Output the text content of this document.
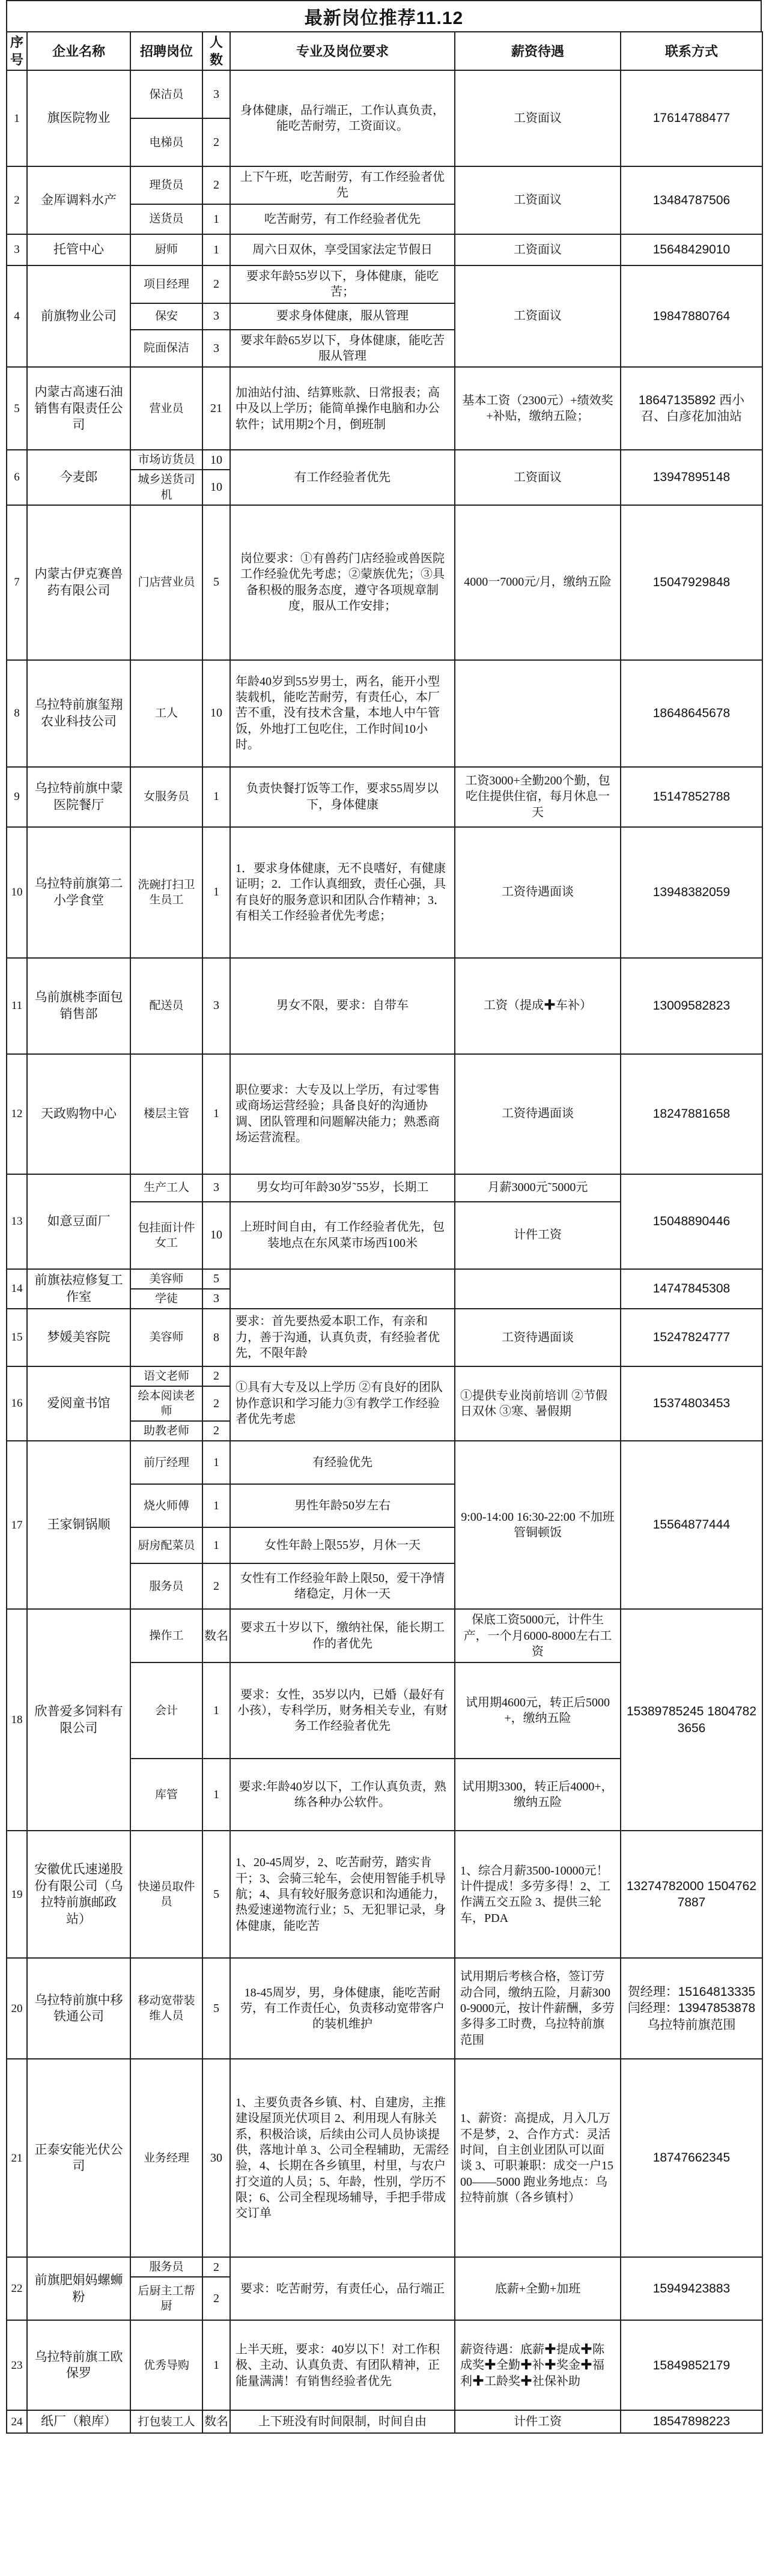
最新岗位推荐11.12
序号	企业名称	招聘岗位	人数	专业及岗位要求	薪资待遇	联系方式
1	旗医院物业	保洁员	3	身体健康，品行端正，工作认真负责，能吃苦耐劳，工资面议。	工资面议	17614788477
		电梯员	2			
2	金厍调料水产	理货员	2	上下午班，吃苦耐劳，有工作经验者优先	工资面议	13484787506
		送货员	1	吃苦耐劳，有工作经验者优先		
3	托管中心	厨师	1	周六日双休，享受国家法定节假日	工资面议	15648429010
4	前旗物业公司	项目经理	2	要求年龄55岁以下，身体健康，能吃苦；	工资面议	19847880764
		保安	3	要求身体健康，服从管理		
		院面保洁	3	要求年龄65岁以下，身体健康，能吃苦服从管理		
5	内蒙古高速石油销售有限责任公司	营业员	21	加油站付油、结算账款、日常报表；高中及以上学历；能简单操作电脑和办公软件；试用期2个月，倒班制	基本工资（2300元）+绩效奖+补贴，缴纳五险；	18647135892 西小召、白彦花加油站
6	今麦郎	市场访货员	10	有工作经验者优先	工资面议	13947895148
		城乡送货司机	10			
7	内蒙古伊克赛兽药有限公司	门店营业员	5	岗位要求：①有兽药门店经验或兽医院工作经验优先考虑；②蒙族优先；③具备积极的服务态度，遵守各项规章制度，服从工作安排；	4000一7000元/月，缴纳五险	15047929848
8	乌拉特前旗玺翔农业科技公司	工人	10	年龄40岁到55岁男士，两名，能开小型装载机，能吃苦耐劳，有责任心，本厂苦不重，没有技术含量，本地人中午管饭，外地打工包吃住，工作时间10小时。		18648645678
9	乌拉特前旗中蒙医院餐厅	女服务员	1	负责快餐打饭等工作，要求55周岁以下，身体健康	工资3000+全勤200个勤，包吃住提供住宿，每月休息一天	15147852788
10	乌拉特前旗第二小学食堂	洗碗打扫卫生员工	1	1．要求身体健康，无不良嗜好，有健康证明；2．工作认真细致，责任心强，具有良好的服务意识和团队合作精神；3．有相关工作经验者优先考虑；	工资待遇面谈	13948382059
11	乌前旗桃李面包销售部	配送员	3	男女不限，要求：自带车	工资（提成✚车补）	13009582823
12	天政购物中心	楼层主管	1	职位要求：大专及以上学历，有过零售或商场运营经验；具备良好的沟通协调、团队管理和问题解决能力；熟悉商场运营流程。	工资待遇面谈	18247881658
13	如意豆面厂	生产工人	3	男女均可年龄30岁˜55岁，长期工	月薪3000元˜5000元	15048890446
		包挂面计件女工	10	上班时间自由，有工作经验者优先，包装地点在东风菜市场西100米	计件工资	
14	前旗祛痘修复工作室	美容师	5			14747845308
		学徒	3			
15	梦媛美容院	美容师	8	要求：首先要热爱本职工作，有亲和力，善于沟通，认真负责，有经验者优先，不限年龄	工资待遇面谈	15247824777
16	爱阅童书馆	语文老师	2	①具有大专及以上学历 ②有良好的团队协作意识和学习能力③有教学工作经验者优先考虑	①提供专业岗前培训 ②节假日双休 ③寒、暑假期	15374803453
		绘本阅读老师	2			
		助教老师	2			
17	王家铜锅顺	前厅经理	1	有经验优先	9:00-14:00 16:30-22:00 不加班管铜顿饭	15564877444
		烧火师傅	1	男性年龄50岁左右		
		厨房配菜员	1	女性年龄上限55岁，月休一天		
		服务员	2	女性有工作经验年龄上限50，爱干净情绪稳定，月休一天		
18	欣普爱多饲料有限公司	操作工	数名	要求五十岁以下，缴纳社保，能长期工作的者优先	保底工资5000元，计件生产，一个月6000-8000左右工资	15389785245 18047823656
		会计	1	要求：女性，35岁以内，已婚（最好有小孩），专科学历，财务相关专业，有财务工作经验者优先	试用期4600元，转正后5000+，缴纳五险	
		库管	1	要求:年龄40岁以下，工作认真负责，熟练各种办公软件。	试用期3300，转正后4000+，缴纳五险	
19	安徽优氏速递股份有限公司（乌拉特前旗邮政站）	快递员取件员	5	1、20-45周岁，2、吃苦耐劳，踏实肯干；3、会骑三轮车，会使用智能手机导航；4、具有较好服务意识和沟通能力，热爱速递物流行业；5、无犯罪记录，身体健康，能吃苦	1、综合月薪3500-10000元！计件提成！多劳多得！2、工作满五交五险 3、提供三轮车，PDA	13274782000 15047627887
20	乌拉特前旗中移铁通公司	移动宽带装维人员	5	18-45周岁，男，身体健康，能吃苦耐劳，有工作责任心，负责移动宽带客户的装机维护	试用期后考核合格，签订劳动合同，缴纳五险，月薪3000-9000元，按计件薪酬，多劳多得多工时费，乌拉特前旗范围	贺经理：15164813335 闫经理：13947853878 乌拉特前旗范围
21	正泰安能光伏公司	业务经理	30	1、主要负责各乡镇、村、自建房，主推建设屋顶光伏项目 2、利用现人有脉关系，积极洽谈，后续由公司人员协谈提供，落地计单 3、公司全程辅助，无需经验，4、长期在各乡镇里，村里，与农户打交道的人员；5、年龄，性别，学历不限；6、公司全程现场辅导，手把手带成交订单	1、薪资：高提成，月入几万不是梦，2、合作方式：灵活时间，自主创业团队可以面谈 3、可职兼职：成交一户1500——5000 跑业务地点：乌拉特前旗（各乡镇村）	18747662345
22	前旗肥娟妈螺蛳粉	服务员	2	要求：吃苦耐劳，有责任心，品行端正	底薪+全勤+加班	15949423883
		后厨主工帮厨	2			
23	乌拉特前旗工欧保罗	优秀导购	1	上半天班，要求：40岁以下！对工作积极、主动、认真负责、有团队精神，正能量满满！有销售经验者优先	薪资待遇：底薪✚提成✚陈成奖✚全勤✚补✚奖金✚福利✚工龄奖✚社保补助	15849852179
24	纸厂（粮库）	打包装工人	数名	上下班没有时间限制，时间自由	计件工资	18547898223
